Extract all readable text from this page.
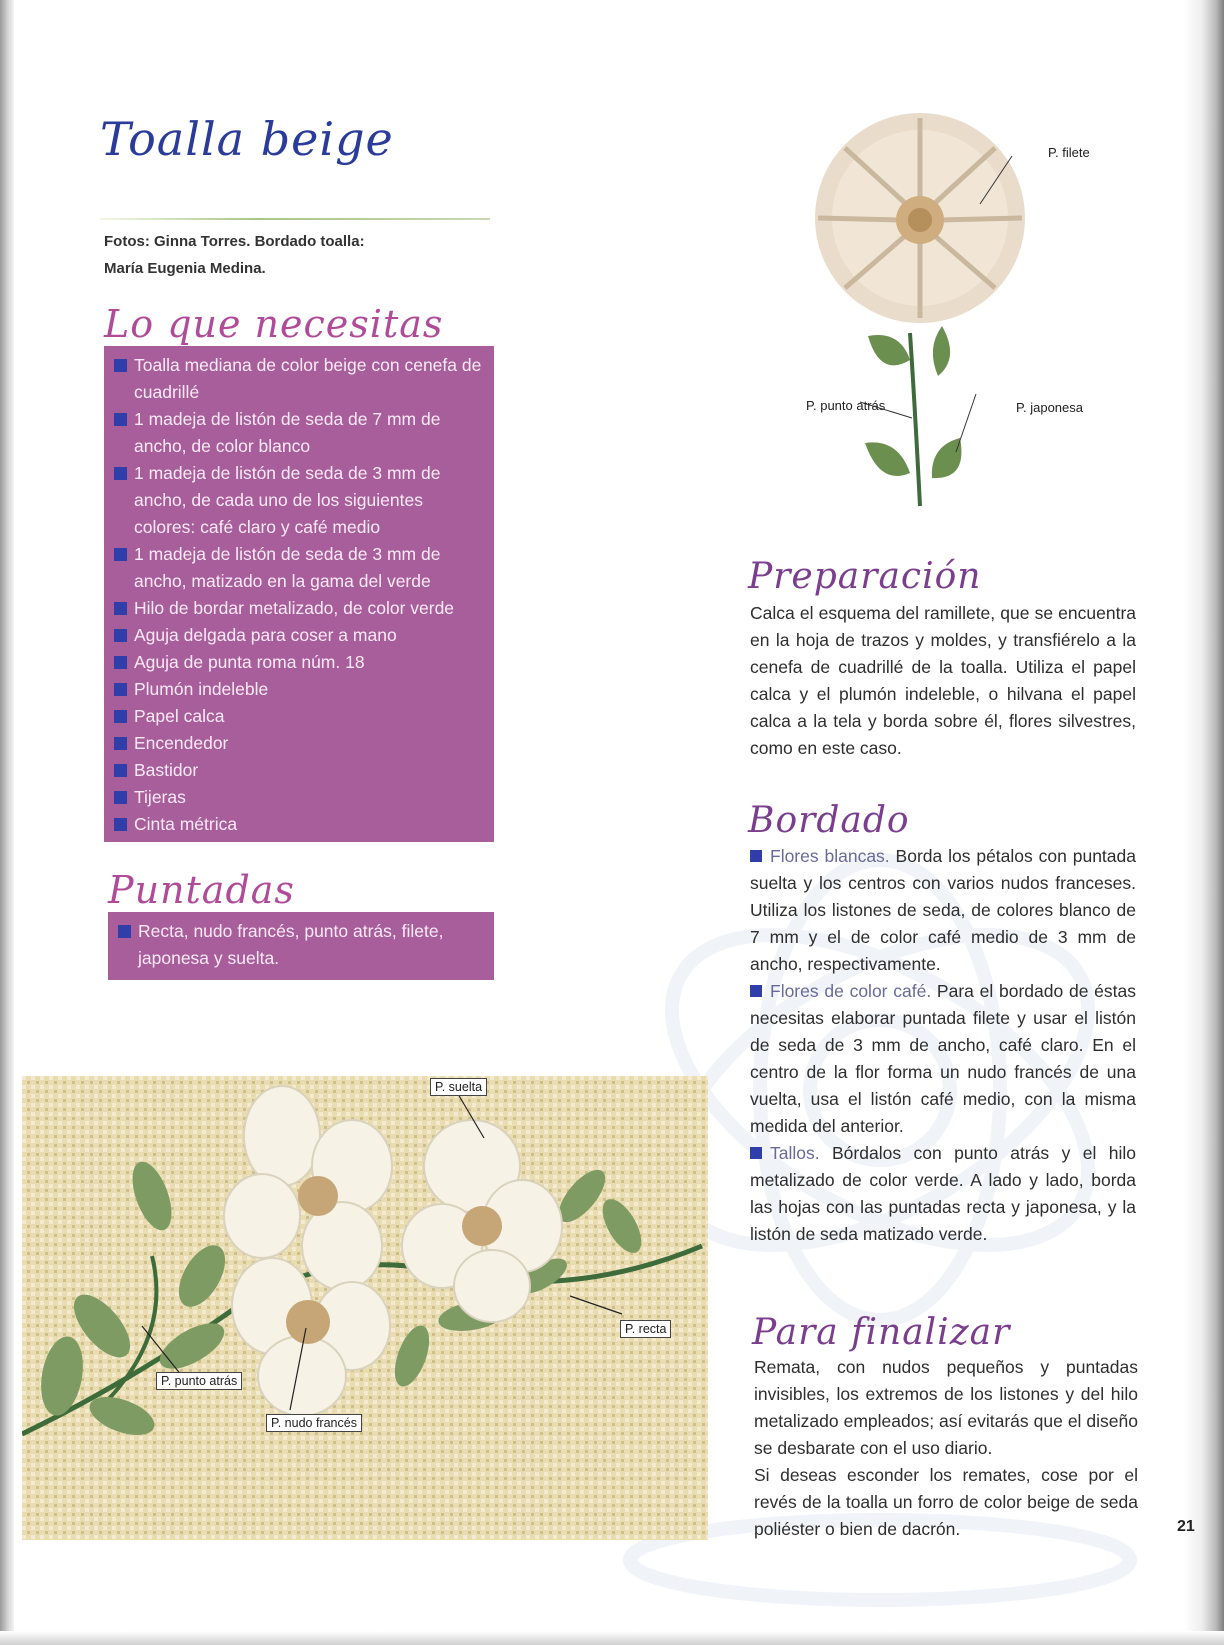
Toalla beige
Fotos: Ginna Torres. Bordado toalla:
María Eugenia Medina.
Lo que necesitas
Toalla mediana de color beige con cenefa de cuadrillé
1 madeja de listón de seda de 7 mm de ancho, de color blanco
1 madeja de listón de seda de 3 mm de ancho, de cada uno de los siguientes colores: café claro y café medio
1 madeja de listón de seda de 3 mm de ancho, matizado en la gama del verde
Hilo de bordar metalizado, de color verde
Aguja delgada para coser a mano
Aguja de punta roma núm. 18
Plumón indeleble
Papel calca
Encendedor
Bastidor
Tijeras
Cinta métrica
Puntadas
Recta, nudo francés, punto atrás, filete, japonesa y suelta.
P. filete
P. punto atrás	P. japonesa
Preparación

Calca el esquema del ramillete, que se encuentra en la hoja de trazos y moldes, y transfiérelo a la cenefa de cuadrillé de la toalla. Utiliza el papel calca y el plumón indeleble, o hilvana el papel calca a la tela y borda sobre él, flores silvestres, como en este caso.

Bordado

Flores blancas. Borda los pétalos con puntada suelta y los centros con varios nudos franceses. Utiliza los listones de seda, de colores blanco de 7 mm y el de color café medio de 3 mm de ancho, respectivamente.

Flores de color café. Para el bordado de éstas necesitas elaborar puntada filete y usar el listón de seda de 3 mm de ancho, café claro. En el centro de la flor forma un nudo francés de una vuelta, usa el listón café medio, con la misma medida del anterior.

Tallos. Bórdalos con punto atrás y el hilo metalizado de color verde. A lado y lado, borda las hojas con las puntadas recta y japonesa, y la listón de seda matizado verde.

Para finalizar

Remata, con nudos pequeños y puntadas invisibles, los extremos de los listones y del hilo metalizado empleados; así evitarás que el diseño se desbarate con el uso diario.

Si deseas esconder los remates, cose por el revés de la toalla un forro de color beige de seda poliéster o bien de dacrón.

P. suelta
P. recta
P. punto atrás
P. nudo francés
21
